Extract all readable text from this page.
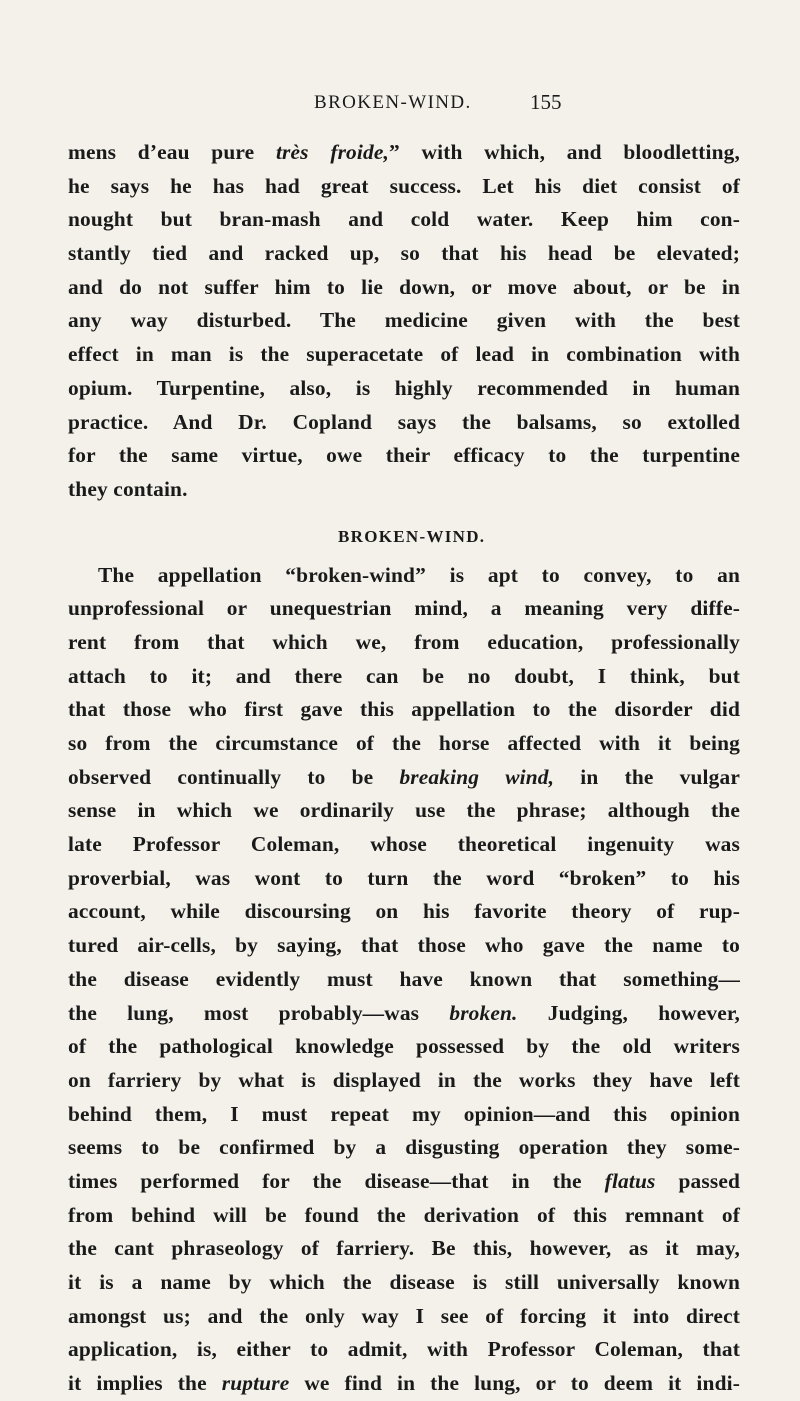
BROKEN-WIND.	155
mens d’eau pure très froide,” with which, and bloodletting,
he says he has had great success. Let his diet consist of
nought but bran-mash and cold water. Keep him con-
stantly tied and racked up, so that his head be elevated;
and do not suffer him to lie down, or move about, or be in
any way disturbed. The medicine given with the best
effect in man is the superacetate of lead in combination with
opium. Turpentine, also, is highly recommended in human
practice. And Dr. Copland says the balsams, so extolled
for the same virtue, owe their efficacy to the turpentine
they contain.
BROKEN-WIND.
The appellation “broken-wind” is apt to convey, to an
unprofessional or unequestrian mind, a meaning very diffe-
rent from that which we, from education, professionally
attach to it; and there can be no doubt, I think, but
that those who first gave this appellation to the disorder did
so from the circumstance of the horse affected with it being
observed continually to be breaking wind, in the vulgar
sense in which we ordinarily use the phrase; although the
late Professor Coleman, whose theoretical ingenuity was
proverbial, was wont to turn the word “broken” to his
account, while discoursing on his favorite theory of rup-
tured air-cells, by saying, that those who gave the name to
the disease evidently must have known that something—
the lung, most probably—was broken. Judging, however,
of the pathological knowledge possessed by the old writers
on farriery by what is displayed in the works they have left
behind them, I must repeat my opinion—and this opinion
seems to be confirmed by a disgusting operation they some-
times performed for the disease—that in the flatus passed
from behind will be found the derivation of this remnant of
the cant phraseology of farriery. Be this, however, as it may,
it is a name by which the disease is still universally known
amongst us; and the only way I see of forcing it into direct
application, is, either to admit, with Professor Coleman, that
it implies the rupture we find in the lung, or to deem it indi-
